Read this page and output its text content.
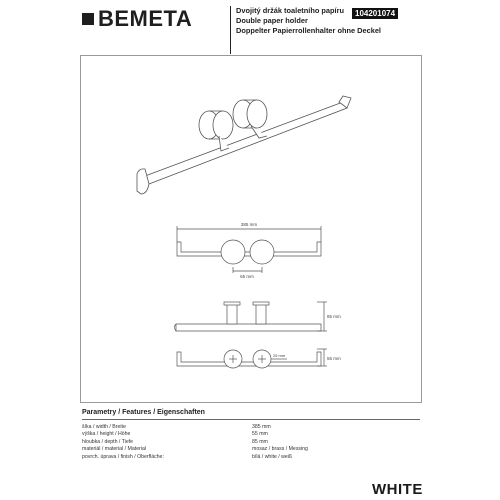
BEMETA	Dvojitý držák toaletního papíru
Double paper holder
Doppelter Papierrollenhalter ohne Deckel
104201074
385 mm
65 mm
85 mm
55 mm
25 mm
Parametry / Features / Eigenschaften
šíka / width / Breite	385 mm
výška / height / Höhe	55 mm
hloubka / depth / Tiefe	85 mm
materiál / material / Material	mosaz / brass / Messing
povrch. úprava / finish / Oberfläche:	bílá / white / weiß
WHITE
